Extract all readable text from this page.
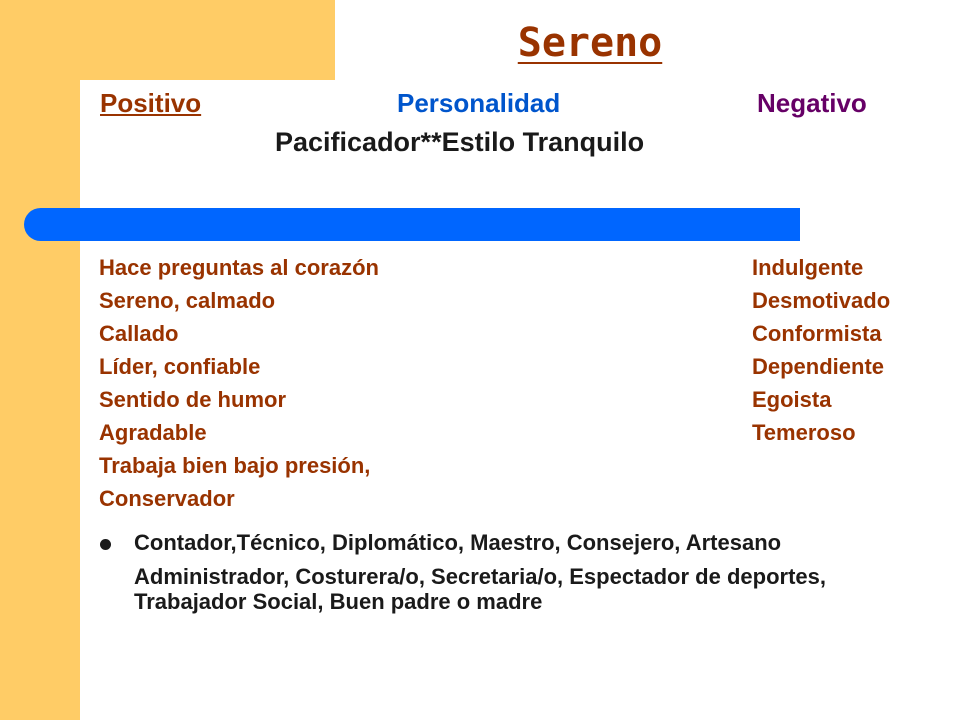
Sereno
Positivo	Personalidad	Negativo
Pacificador**Estilo Tranquilo
Hace preguntas al corazón
Sereno, calmado
Callado
Líder, confiable
Sentido de humor
Agradable
Trabaja bien bajo presión,
Conservador
Indulgente
Desmotivado
Conformista
Dependiente
Egoista
Temeroso
Contador,Técnico, Diplomático, Maestro, Consejero, Artesano
Administrador, Costurera/o, Secretaria/o, Espectador de deportes, Trabajador Social, Buen padre o madre
